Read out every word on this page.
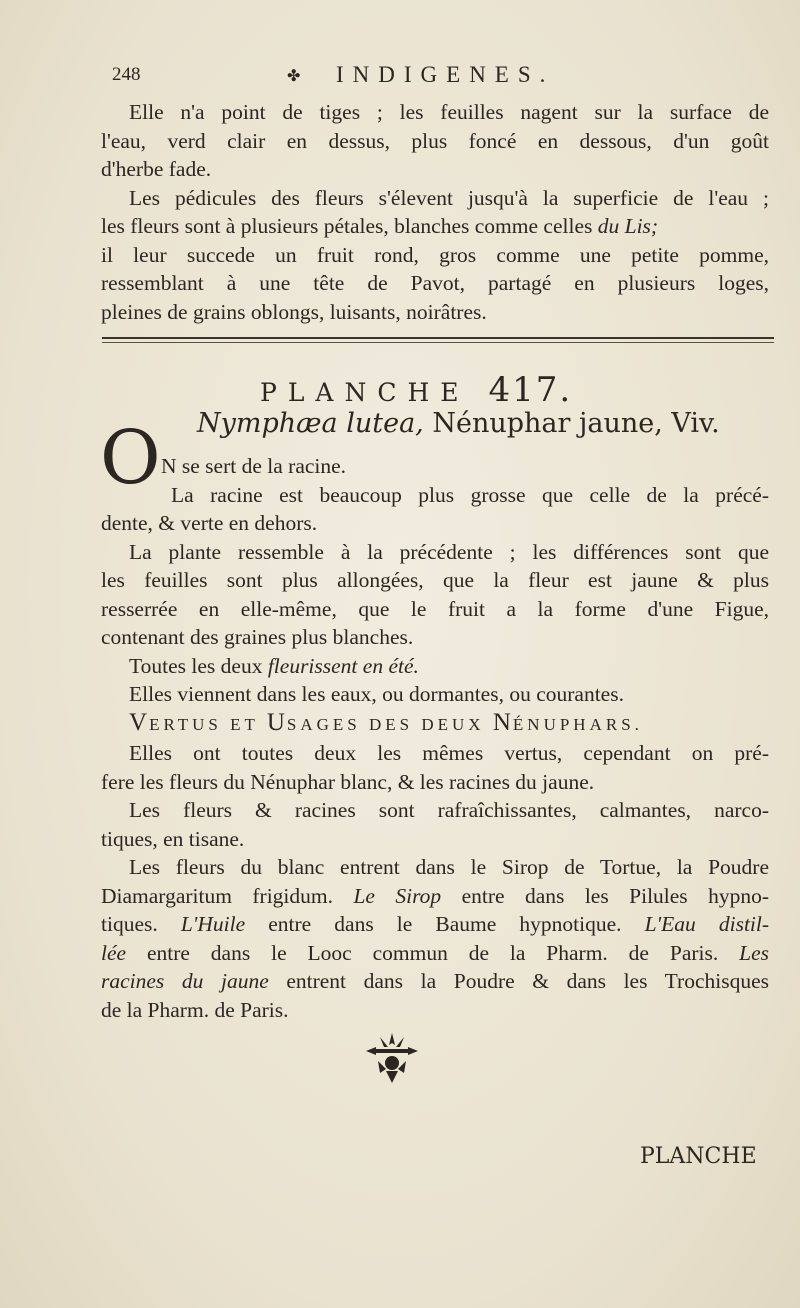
248	✤ INDIGENES.
Elle n'a point de tiges ; les feuilles nagent sur la surface de
l'eau, verd clair en dessus, plus foncé en dessous, d'un goût
d'herbe fade.
Les pédicules des fleurs s'élevent jusqu'à la superficie de l'eau ;
les fleurs sont à plusieurs pétales, blanches comme celles du Lis;
il leur succede un fruit rond, gros comme une petite pomme,
ressemblant à une tête de Pavot, partagé en plusieurs loges,
pleines de grains oblongs, luisants, noirâtres.
PLANCHE 417.
Nymphæa lutea, Nénuphar jaune, Viv.
O N se sert de la racine.
La racine est beaucoup plus grosse que celle de la précé-
dente, & verte en dehors.
La plante ressemble à la précédente ; les différences sont que
les feuilles sont plus allongées, que la fleur est jaune & plus
resserrée en elle-même, que le fruit a la forme d'une Figue,
contenant des graines plus blanches.
Toutes les deux fleurissent en été.
Elles viennent dans les eaux, ou dormantes, ou courantes.
VERTUS ET USAGES DES DEUX NÉNUPHARS.
Elles ont toutes deux les mêmes vertus, cependant on pré-
fere les fleurs du Nénuphar blanc, & les racines du jaune.
Les fleurs & racines sont rafraîchissantes, calmantes, narco-
tiques, en tisane.
Les fleurs du blanc entrent dans le Sirop de Tortue, la Poudre
Diamargaritum frigidum. Le Sirop entre dans les Pilules hypno-
tiques. L'Huile entre dans le Baume hypnotique. L'Eau distil-
lée entre dans le Looc commun de la Pharm. de Paris. Les
racines du jaune entrent dans la Poudre & dans les Trochisques
de la Pharm. de Paris.
PLANCHE
